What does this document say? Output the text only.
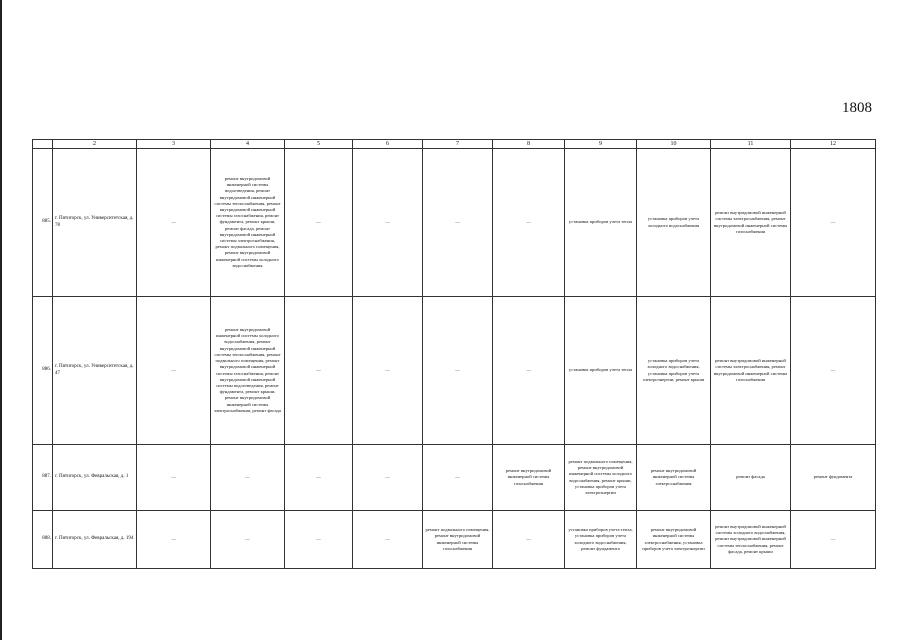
1808
	2	3	4	5	6	7	8	9	10	11	12
885.	г. Пятигорск, ул. Университетская, д. 78	—	ремонт внутридомовой инженерной системы водоотведения, ремонт внутридомовой инженерной системы теплоснабжения, ремонт внутридомовой инженерной системы газоснабжения, ремонт фундамента, ремонт крыши, ремонт фасада, ремонт внутридомовой инженерной системы электроснабжения, ремонт подвального помещения, ремонт внутридомовой инженерной системы холодного водоснабжения	—	—	—	—	установка приборов учета тепла	установка приборов учета холодного водоснабжения	ремонт внутридомовой инженерной системы электроснабжения, ремонт внутридомовой инженерной системы газоснабжения	—
886.	г. Пятигорск, ул. Университетская, д. 47	—	ремонт внутридомовой инженерной системы холодного водоснабжения, ремонт внутридомовой инженерной системы теплоснабжения, ремонт подвального помещения, ремонт внутридомовой инженерной системы газоснабжения, ремонт внутридомовой инженерной системы водоотведения, ремонт фундамента, ремонт крыши, ремонт внутридомовой инженерной системы электроснабжения, ремонт фасада	—	—	—	—	установка приборов учета тепла	установка приборов учета холодного водоснабжения, установка приборов учета электроэнергии, ремонт крыши	ремонт внутридомовой инженерной системы электроснабжения, ремонт внутридомовой инженерной системы газоснабжения	—
887.	г. Пятигорск, ул. Февральская, д. 1	—	—	—	—	—	ремонт внутридомовой инженерной системы газоснабжения	ремонт подвального помещения, ремонт внутридомовой инженерной системы холодного водоснабжения, ремонт крыши, установка приборов учета электроэнергии	ремонт внутридомовой инженерной системы электроснабжения	ремонт фасада	ремонт фундамента
888.	г. Пятигорск, ул. Февральская, д. 194	—	—	—	—	ремонт подвального помещения, ремонт внутридомовой инженерной системы газоснабжения	—	установка приборов учета тепла, установка приборов учета холодного водоснабжения, ремонт фундамента	ремонт внутридомовой инженерной системы электроснабжения, установка приборов учета электроэнергии	ремонт внутридомовой инженерной системы холодного водоснабжения, ремонт внутридомовой инженерной системы теплоснабжения, ремонт фасада, ремонт крыши	—
